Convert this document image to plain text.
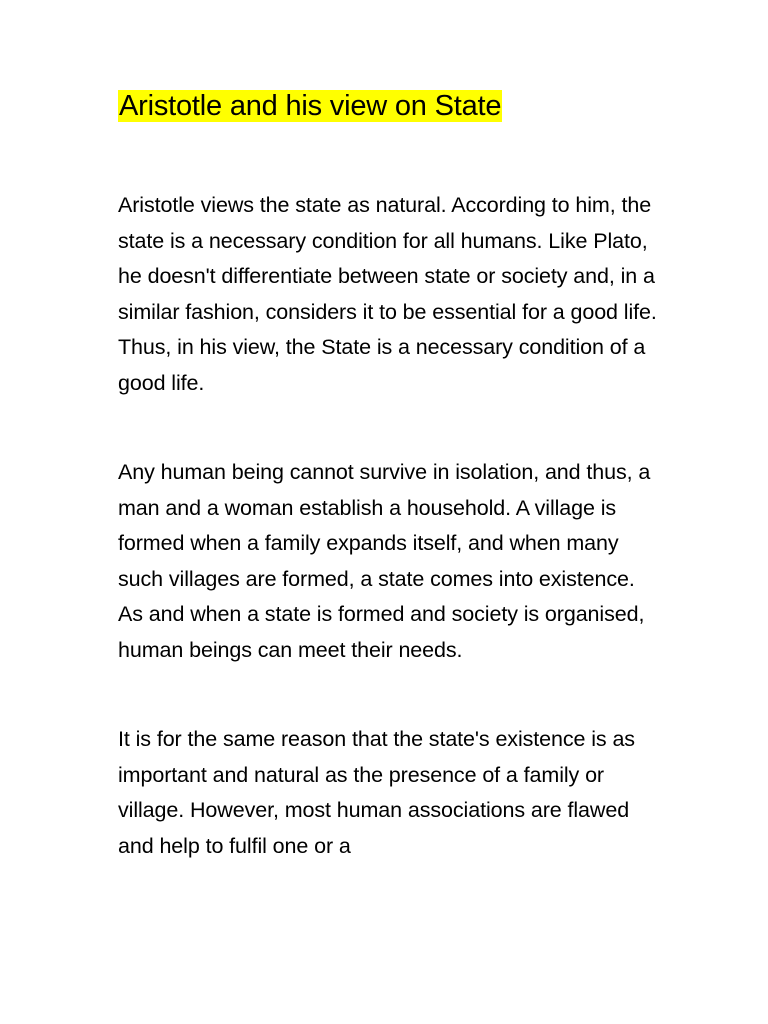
Aristotle and his view on State

Aristotle views the state as natural. According to him, the state is a necessary condition for all humans. Like Plato, he doesn't differentiate between state or society and, in a similar fashion, considers it to be essential for a good life. Thus, in his view, the State is a necessary condition of a good life.

Any human being cannot survive in isolation, and thus, a man and a woman establish a household. A village is formed when a family expands itself, and when many such villages are formed, a state comes into existence. As and when a state is formed and society is organised, human beings can meet their needs.

It is for the same reason that the state's existence is as important and natural as the presence of a family or village. However, most human associations are flawed and help to fulfil one or a
